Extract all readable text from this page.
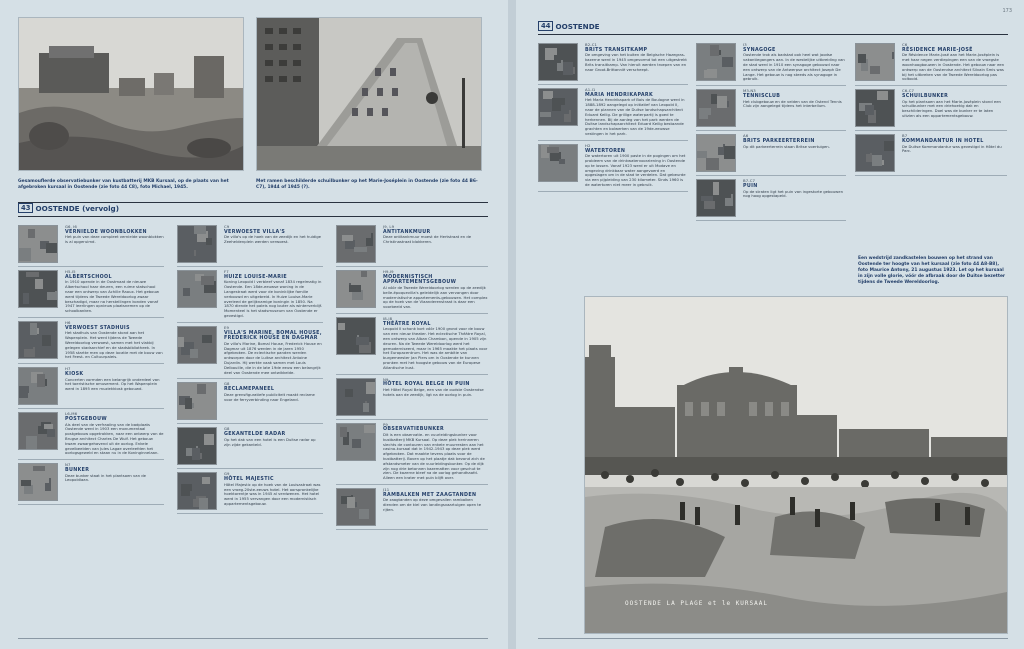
Gesamouflerde observatiebunker van kustbatterij MKB Kursaal, op de plaats van het afgebroken kursaal in Oostende (zie foto 44 C8), foto Michael, 1945.
Met ramen beschilderde schuilbunker op het Marie-Joséplein in Oostende (zie foto 44 B6-C7), 1944 of 1945 (?).
43 OOSTENDE (vervolg)
G6, I6
VERNIELDE WOONBLOKKEN
Het puin van deze compleet vernielde woonblokken is al opgeruimd.
H5-I5
ALBERTSCHOOL
In 1910 opende in de Oostmaat de nieuwe Albertschool haar deuren, een ruime statschool naar een ontwerp van Achille Raoux. Het gebouw werd tijdens de Tweede Wereldoorlog zwaar beschadigd, maar na herstellingen konden vanaf 1947 leerlingen opnieuw plaatsnemen op de schoolbanken.
H6
VERWOEST STADHUIS
Het stadhuis van Oostende stond aan het Wapenplein. Het werd tijdens de Tweede Wereldoorlog verwoest, samen met het vlakbij gelegen stadsarchief en de stadsbibliotheek. In 1958 startte men op deze locatie met de bouw van het Feest- en Cultuurpaleis.
H7
KIOSK
Concerten vormden een belangrijk onderdeel van het toeristische amusement. Op het Wapenplein werd in 1895 een muziekkiosk gebouwd.
L6-M6
POSTGEBOUW
Als deel van de verfraaiing van de badplaats Oostende werd in 1903 een monumentaal postgebouw opgetrokken, naar een ontwerp van de Brugse architect Charles De Wulf. Het gebouw kwam zwaargehavend uit de oorlog. Enkele gevelbeelden van Jules Lagae overleefden het oorlogsgeweld en staan nu in de Koninginnelaan.
N7
BUNKER
Deze bunker staat in het plantsoen van de Leopoldlaan.
C9
VERWOESTE VILLA'S
De villa's op de hoek van de zeedijk en het huidige Zeeheldenplein werden verwoest.
F7
HUIZE LOUISE-MARIE
Koning Leopold I verbleef vanaf 1834 regelmatig in Oostende. Een 18de-eeuwse woning in de Langestraat werd voor de koninklijke familie verbouwd en uitgebreid. In Huize Louise-Marie overleed de gelijknamige koningin in 1850. Na 1870 diende het paleis nog louter als winterverblijf. Momenteel is het stadsmuseum van Oostende er gevestigd.
E9
VILLA'S MARINE, BOMAL HOUSE, FREDERICK HOUSE EN DAGMAR
De villa's Marine, Bomal House, Frederick House en Dagmar uit 1876 werden in de jaren 1950 afgebroken. De eclectische panden werden ontworpen door de Luikse architect Antoine Dujardin. Hij werkte vaak samen met Louis Delbouille, die in de late 19de eeuw een belangrijk deel van Oostende mee ontwikkelde.
G8
RECLAMEPANEEL
Deze grensfiguratiefe publiciteit maakt reclame voor de ferryverbinding naar Engeland.
G8
GEKANTELDE RADAR
Op het dak van een hotel is een Duitse radar op zijn zijde gekanteld.
G9
HÔTEL MAJESTIC
Hôtel Majestic op de hoek van de Louisastraat was een vroeg-20ste-eeuws hotel. Het oorspronkelijke hoektorentje was in 1945 al verdwenen. Het hotel werd in 1955 vervangen door een modernistisch appartementsgebouw.
J9, L9
ANTITANKMUUR
Deze antitankmuur moest de Hertstraat en de Christinastraat blokkeren.
H9-I9
MODERNISTISCH APPARTEMENTSGEBOUW
Al vóór de Tweede Wereldoorlog werden op de zeedijk belle-époquevilla's geleidelijk aan vervangen door modernistische appartements-gebouwen. Het complex op de hoek van de Vlaanderenstraat is daar een voorbeeld van.
I8-J8
THÉÂTRE ROYAL
Leopold II schonk kort vóór 1900 grond voor de bouw van een nieuw theater. Het eclectische Théâtre Royal, een ontwerp van Alban Chambon, opende in 1905 zijn deuren. Na de Tweede Wereldoorlog werd het gemoderniseerd, maar in 1965 maakte het plaats voor het Europacentrum. Het was de ambitie van burgemeester Jan Piers om in Oostende te kunnen pronken met het hoogste gebouw van de Europese Atlantische kust.
N9
HÔTEL ROYAL BELGE IN PUIN
Het Hôtel Royal Belge, een van de oudste Oostendse hotels aan de zeedijk, ligt na de oorlog in puin.
P9
OBSERVATIEBUNKER
Dit is een observatie- en vuurleidingsbunker voor kustbatterij MKB Kursaal. Op deze plek herinneren slechts de contouren van enkele muurresten aan het casino-kursaal dat in 1942-1943 op deze plek werd afgebroken. Dat maakte tevens plaats voor de kustbatterij. Boven op het plaatje dak bevond zich de afstandsmeter van de vuurleidingsbunker. Op de dijk zijn nog drie betonnen kazematten voor geschut te zien. De kazerne bleef na de oorlog gehandhaafd. Alleen een krater met puin blijft over.
J11
RAMBALKEN MET ZAAGTANDEN
De zaagtanden op deze omgevallen rambalken dienden om de kiel van landingsvaartuigen open te rijten.
173
44 OOSTENDE
B2-C1
BRITS TRANSITKAMP
De omgeving van het buiten de Belgische Hazegras-kazerne werd in 1945 omgevormd tot een uitgestrekt Brits transitkamp. Van hieruit werden troepen van en naar Groot-Brittannië verscheept.
A1-I1
MARIA HENDRIKAPARK
Het Maria Hendrikapark of Bois de Boulogne werd in 1888-1892 aangelegd op initiatief van Leopold II, naar de plannen van de Duitse landschapsarchitect Eduard Keilig. De grillige waterpartij is goed te herkennen. Bij de aanleg van het park werden de Duitse landschapsarchitect Eduard Keilig bestaande grachten en bolwerken van de 19de-eeuwse vestingen in het park.
H2
WATERTOREN
De watertoren uit 1900 paste in de pogingen om het probleem van de drinkwatervoorziening in Oostende op te lossen. Vanaf 1923 werd er uit Modave en omgeving drinkbaar water aangevoerd en opgeslagen om in de stad te verdelen. Dat gebeurde via een pijpleiding van 230 kilometer. Sinds 1960 is de watertoren niet meer in gebruik.
I3
SYNAGOGE
Oostende trok als badstad ook heel wat joodse vakantiegangers aan. In de westelijke uitbreiding van de stad werd in 1910 een synagoge gebouwd naar een ontwerp van de Antwerpse architect Joseph De Lange. Het gebouw is nog steeds als synagoge in gebruik.
M3-N3
TENNISCLUB
Het clubgebouw en de velden van de Ostend Tennis Club zijn aangelegd tijdens het interbellum.
A6
BRITS PARKEERTERREIN
Op dit parkeerterrein staan Britse voertuigen.
B7-C7
PUIN
Op de straten ligt het puin van ingestorte gebouwen nog hoog opgestapeld.
C6
RÉSIDENCE MARIE-JOSÉ
De Résidence Marie-José aan het Marie-Joséplein is met haar negen verdiepingen een van de vroegste woonhoogbouwen in Oostende. Het gebouw naar een ontwerp van de Oostendse architect Silvain Smis was bij het uitbreken van de Tweede Wereldoorlog pas voltooid.
C6-C7
SCHUILBUNKER
Op het plantsoen aan het Marie-Joséplein stond een schuilbunker met een driehoekig dak en beschilderingen. Doel was de bunker er te laten uitzien als een appartementsgebouw.
B7
KOMMANDANTUR IN HOTEL
De Duitse Kommandantur was gevestigd in Hôtel du Parc.
Een wedstrijd zandkastelen bouwen op het strand van Oostende ter hoogte van het kursaal (zie foto 44 A8-B8), foto Maurice Antony, 21 augustus 1923. Let op het kursaal in zijn volle glorie, vóór de afbraak door de Duitse bezetter tijdens de Tweede Wereldoorlog.
OOSTENDE LA PLAGE et le KURSAAL
